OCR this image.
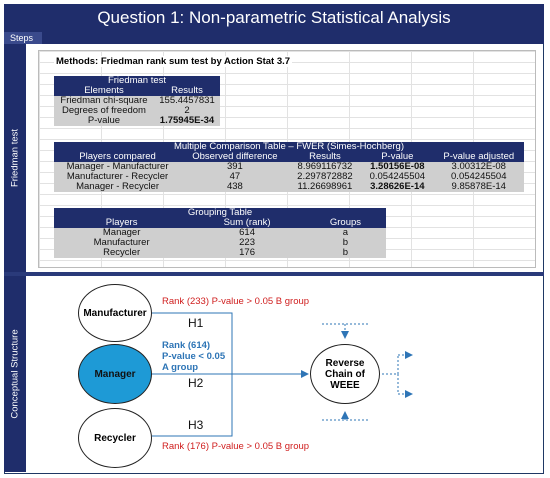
Question 1: Non-parametric Statistical Analysis
Steps
Friedman test
Conceptual Structure
Methods: Friedman rank sum test by Action Stat 3.7
Friedman test	
Elements	Results
Friedman chi-square	155.4457831
Degrees of freedom	2
P-value	1.75945E-34
Multiple Comparison Table – FWER (Simes-Hochberg)				
Players compared	Observed difference	Results	P-value	P-value adjusted
Manager - Manufacturer	391	8.969116732	1.50156E-08	3.00312E-08
Manufacturer - Recycler	47	2.297872882	0.054245504	0.054245504
Manager - Recycler	438	11.26698961	3.28626E-14	9.85878E-14
Grouping Table		
Players	Sum (rank)	Groups
Manager	614	a
Manufacturer	223	b
Recycler	176	b
Manufacturer
Manager
Recycler
Reverse Chain of WEEE
H1
H2
H3
Rank (233) P-value > 0.05 B group
Rank (614)
P-value < 0.05
A group
Rank (176) P-value > 0.05 B group
